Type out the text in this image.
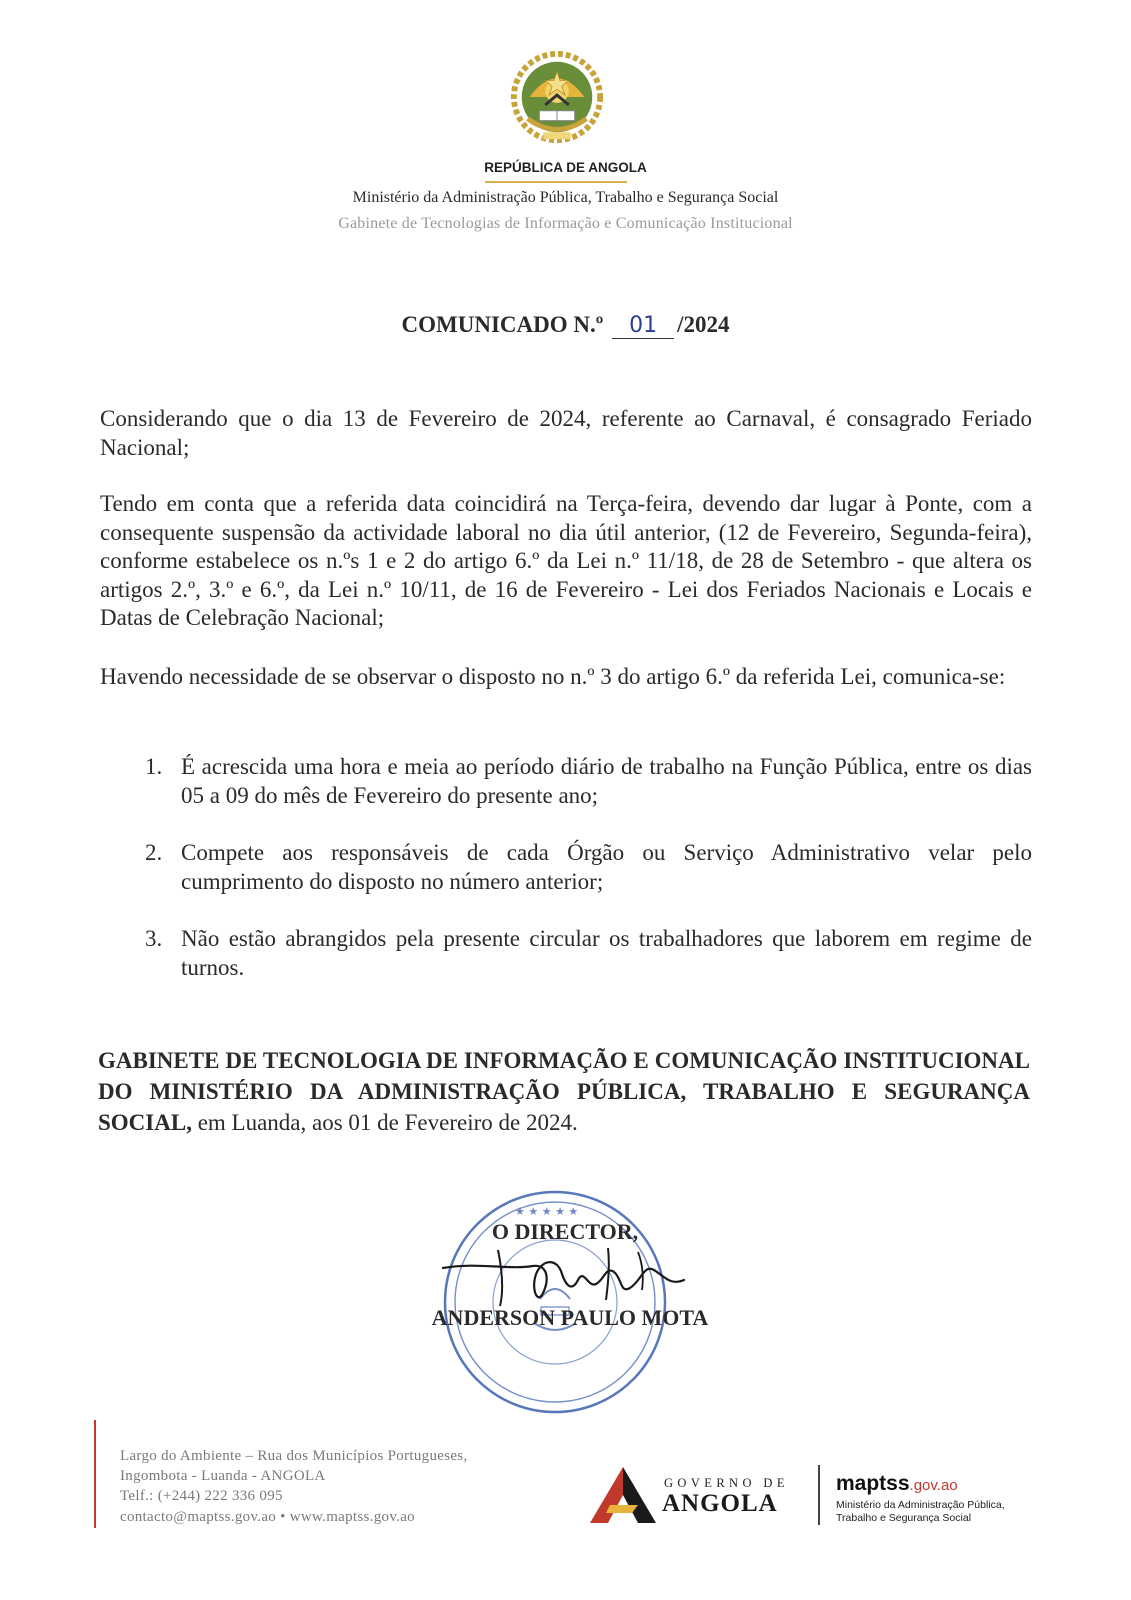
REPÚBLICA DE ANGOLA
Ministério da Administração Pública, Trabalho e Segurança Social
Gabinete de Tecnologias de Informação e Comunicação Institucional
COMUNICADO N.º 01 /2024
Considerando que o dia 13 de Fevereiro de 2024, referente ao Carnaval, é consagrado Feriado Nacional;
Tendo em conta que a referida data coincidirá na Terça-feira, devendo dar lugar à Ponte, com a consequente suspensão da actividade laboral no dia útil anterior, (12 de Fevereiro, Segunda-feira), conforme estabelece os n.ºs 1 e 2 do artigo 6.º da Lei n.º 11/18, de 28 de Setembro - que altera os artigos 2.º, 3.º e 6.º, da Lei n.º 10/11, de 16 de Fevereiro - Lei dos Feriados Nacionais e Locais e Datas de Celebração Nacional;
Havendo necessidade de se observar o disposto no n.º 3 do artigo 6.º da referida Lei, comunica-se:
1. É acrescida uma hora e meia ao período diário de trabalho na Função Pública, entre os dias 05 a 09 do mês de Fevereiro do presente ano;
2. Compete aos responsáveis de cada Órgão ou Serviço Administrativo velar pelo cumprimento do disposto no número anterior;
3. Não estão abrangidos pela presente circular os trabalhadores que laborem em regime de turnos.
GABINETE DE TECNOLOGIA DE INFORMAÇÃO E COMUNICAÇÃO INSTITUCIONAL DO MINISTÉRIO DA ADMINISTRAÇÃO PÚBLICA, TRABALHO E SEGURANÇA SOCIAL, em Luanda, aos 01 de Fevereiro de 2024.
★ ★ ★ ★ ★
O DIRECTOR,
ANDERSON PAULO MOTA
Largo do Ambiente – Rua dos Municípios Portugueses,
Ingombota - Luanda - ANGOLA
Telf.: (+244) 222 336 095
contacto@maptss.gov.ao • www.maptss.gov.ao
GOVERNO DE
ANGOLA
maptss.gov.ao
Ministério da Administração Pública,
Trabalho e Segurança Social
